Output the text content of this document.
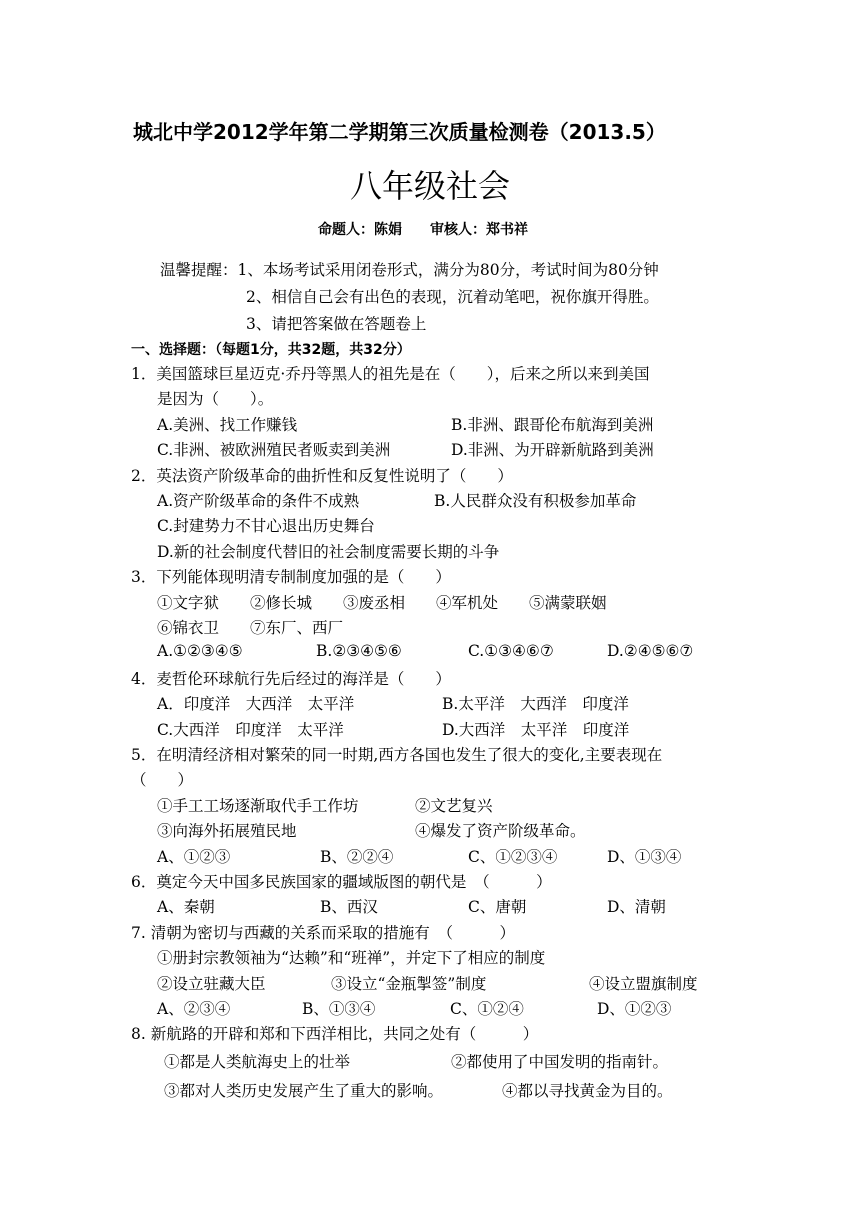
城北中学2012学年第二学期第三次质量检测卷（2013.5）
八年级社会
命题人：陈娟　　审核人：郑书祥
温馨提醒：1、本场考试采用闭卷形式，满分为80分，考试时间为80分钟
2、相信自己会有出色的表现，沉着动笔吧，祝你旗开得胜。
3、请把答案做在答题卷上
一、选择题：（每题1分，共32题，共32分）
1．美国篮球巨星迈克·乔丹等黑人的祖先是在（　　），后来之所以来到美国
是因为（　　）。
A.美洲、找工作赚钱	B.非洲、跟哥伦布航海到美洲
C.非洲、被欧洲殖民者贩卖到美洲	D.非洲、为开辟新航路到美洲
2．英法资产阶级革命的曲折性和反复性说明了（　　）
A.资产阶级革命的条件不成熟	B.人民群众没有积极参加革命
C.封建势力不甘心退出历史舞台
D.新的社会制度代替旧的社会制度需要长期的斗争
3．下列能体现明清专制制度加强的是（　　）
①文字狱　　②修长城　　③废丞相　　④军机处　　⑤满蒙联姻
⑥锦衣卫　　⑦东厂、西厂
A.①②③④⑤	B.②③④⑤⑥	C.①③④⑥⑦	D.②④⑤⑥⑦
4．麦哲伦环球航行先后经过的海洋是（　　）
A．印度洋　大西洋　太平洋	B.太平洋　大西洋　印度洋
C.大西洋　印度洋　太平洋	D.大西洋　太平洋　印度洋
5．在明清经济相对繁荣的同一时期,西方各国也发生了很大的变化,主要表现在
（　　）
①手工工场逐渐取代手工作坊	②文艺复兴
③向海外拓展殖民地	④爆发了资产阶级革命。
A、①②③	B、②②④	C、①②③④	D、①③④
6．奠定今天中国多民族国家的疆域版图的朝代是　（　　　）
A、秦朝	B、西汉	C、唐朝	D、清朝
7. 清朝为密切与西藏的关系而采取的措施有　（　　　）
①册封宗教领袖为“达赖”和“班禅”，并定下了相应的制度
②设立驻藏大臣	③设立“金瓶掣签”制度	④设立盟旗制度
A、②③④	B、①③④	C、①②④	D、①②③
8. 新航路的开辟和郑和下西洋相比，共同之处有（　　　）
①都是人类航海史上的壮举	②都使用了中国发明的指南针。
③都对人类历史发展产生了重大的影响。	④都以寻找黄金为目的。
